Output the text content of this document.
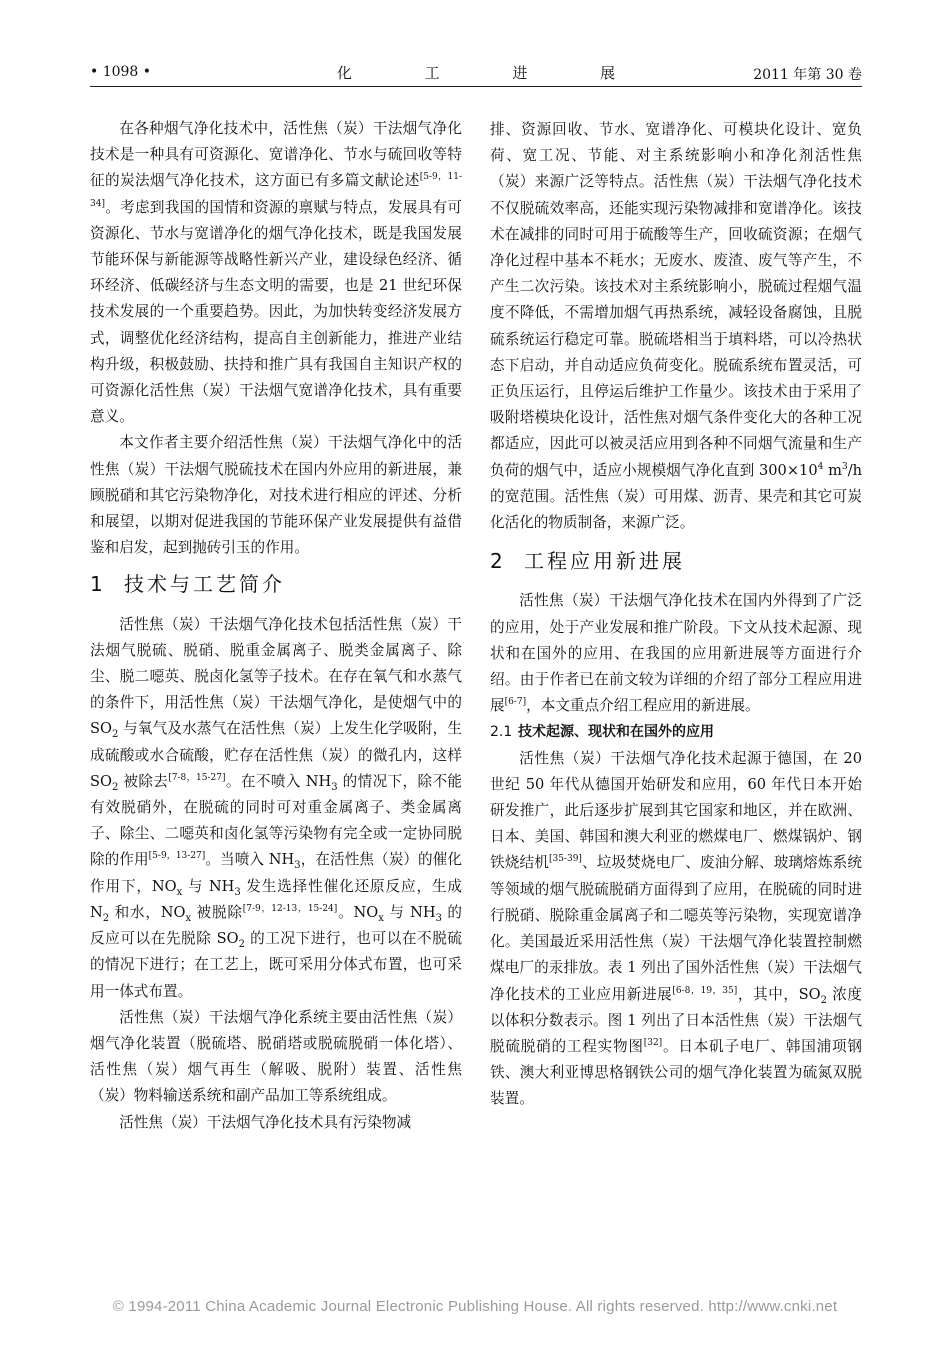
• 1098 •	化 工 进 展	2011 年第 30 卷

在各种烟气净化技术中，活性焦（炭）干法烟气净化技术是一种具有可资源化、宽谱净化、节水与硫回收等特征的炭法烟气净化技术，这方面已有多篇文献论述[5-9，11-34]。考虑到我国的国情和资源的禀赋与特点，发展具有可资源化、节水与宽谱净化的烟气净化技术，既是我国发展节能环保与新能源等战略性新兴产业，建设绿色经济、循环经济、低碳经济与生态文明的需要，也是 21 世纪环保技术发展的一个重要趋势。因此，为加快转变经济发展方式，调整优化经济结构，提高自主创新能力，推进产业结构升级，积极鼓励、扶持和推广具有我国自主知识产权的可资源化活性焦（炭）干法烟气宽谱净化技术，具有重要意义。

本文作者主要介绍活性焦（炭）干法烟气净化中的活性焦（炭）干法烟气脱硫技术在国内外应用的新进展，兼顾脱硝和其它污染物净化，对技术进行相应的评述、分析和展望，以期对促进我国的节能环保产业发展提供有益借鉴和启发，起到抛砖引玉的作用。

1 技术与工艺简介

活性焦（炭）干法烟气净化技术包括活性焦（炭）干法烟气脱硫、脱硝、脱重金属离子、脱类金属离子、除尘、脱二噁英、脱卤化氢等子技术。在存在氧气和水蒸气的条件下，用活性焦（炭）干法烟气净化，是使烟气中的 $SO_2$ 与氧气及水蒸气在活性焦（炭）上发生化学吸附，生成硫酸或水合硫酸，贮存在活性焦（炭）的微孔内，这样 $SO_2$ 被除去[7-8，15-27]。在不喷入 $NH_3$ 的情况下，除不能有效脱硝外，在脱硫的同时可对重金属离子、类金属离子、除尘、二噁英和卤化氢等污染物有完全或一定协同脱除的作用[5-9，13-27]。当喷入 $NH_3$，在活性焦（炭）的催化作用下，$NO_x$ 与 $NH_3$ 发生选择性催化还原反应，生成 $N_2$ 和水，$NO_x$ 被脱除[7-9，12-13，15-24]。$NO_x$ 与 $NH_3$ 的反应可以在先脱除 $SO_2$ 的工况下进行，也可以在不脱硫的情况下进行；在工艺上，既可采用分体式布置，也可采用一体式布置。

活性焦（炭）干法烟气净化系统主要由活性焦（炭）烟气净化装置（脱硫塔、脱硝塔或脱硫脱硝一体化塔）、活性焦（炭）烟气再生（解吸、脱附）装置、活性焦（炭）物料输送系统和副产品加工等系统组成。

活性焦（炭）干法烟气净化技术具有污染物减

排、资源回收、节水、宽谱净化、可模块化设计、宽负荷、宽工况、节能、对主系统影响小和净化剂活性焦（炭）来源广泛等特点。活性焦（炭）干法烟气净化技术不仅脱硫效率高，还能实现污染物减排和宽谱净化。该技术在减排的同时可用于硫酸等生产，回收硫资源；在烟气净化过程中基本不耗水；无废水、废渣、废气等产生，不产生二次污染。该技术对主系统影响小，脱硫过程烟气温度不降低，不需增加烟气再热系统，减轻设备腐蚀，且脱硫系统运行稳定可靠。脱硫塔相当于填料塔，可以冷热状态下启动，并自动适应负荷变化。脱硫系统布置灵活，可正负压运行，且停运后维护工作量少。该技术由于采用了吸附塔模块化设计，活性焦对烟气条件变化大的各种工况都适应，因此可以被灵活应用到各种不同烟气流量和生产负荷的烟气中，适应小规模烟气净化直到 $300\times 10^4$ $m^3/h$ 的宽范围。活性焦（炭）可用煤、沥青、果壳和其它可炭化活化的物质制备，来源广泛。

2 工程应用新进展

活性焦（炭）干法烟气净化技术在国内外得到了广泛的应用，处于产业发展和推广阶段。下文从技术起源、现状和在国外的应用、在我国的应用新进展等方面进行介绍。由于作者已在前文较为详细的介绍了部分工程应用进展[6-7]，本文重点介绍工程应用的新进展。

2.1 技术起源、现状和在国外的应用

活性焦（炭）干法烟气净化技术起源于德国，在 20 世纪 50 年代从德国开始研发和应用，60 年代日本开始研发推广，此后逐步扩展到其它国家和地区，并在欧洲、日本、美国、韩国和澳大利亚的燃煤电厂、燃煤锅炉、钢铁烧结机[35-39]、垃圾焚烧电厂、废油分解、玻璃熔炼系统等领域的烟气脱硫脱硝方面得到了应用，在脱硫的同时进行脱硝、脱除重金属离子和二噁英等污染物，实现宽谱净化。美国最近采用活性焦（炭）干法烟气净化装置控制燃煤电厂的汞排放。表 1 列出了国外活性焦（炭）干法烟气净化技术的工业应用新进展[6-8，19，35]，其中，$SO_2$ 浓度以体积分数表示。图 1 列出了日本活性焦（炭）干法烟气脱硫脱硝的工程实物图[32]。日本矶子电厂、韩国浦项钢铁、澳大利亚博思格钢铁公司的烟气净化装置为硫氮双脱装置。

© 1994-2011 China Academic Journal Electronic Publishing House. All rights reserved. http://www.cnki.net
